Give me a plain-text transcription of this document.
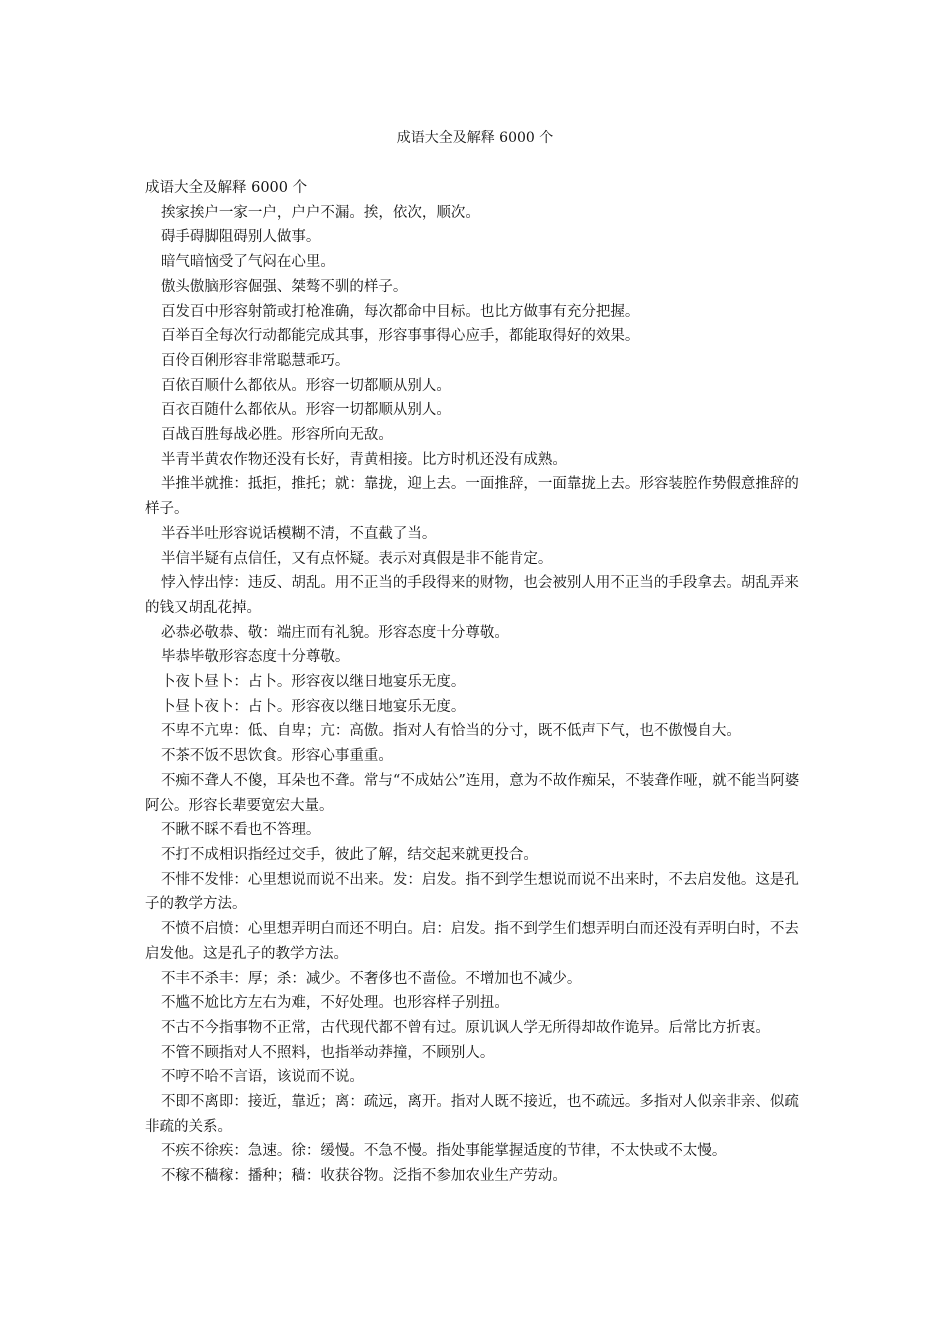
成语大全及解释 6000 个

成语大全及解释 6000 个

挨家挨户一家一户，户户不漏。挨，依次，顺次。

碍手碍脚阻碍别人做事。

暗气暗恼受了气闷在心里。

傲头傲脑形容倔强、桀骜不驯的样子。

百发百中形容射箭或打枪准确，每次都命中目标。也比方做事有充分把握。

百举百全每次行动都能完成其事，形容事事得心应手，都能取得好的效果。

百伶百俐形容非常聪慧乖巧。

百依百顺什么都依从。形容一切都顺从别人。

百衣百随什么都依从。形容一切都顺从别人。

百战百胜每战必胜。形容所向无敌。

半青半黄农作物还没有长好，青黄相接。比方时机还没有成熟。

半推半就推：抵拒，推托；就：靠拢，迎上去。一面推辞，一面靠拢上去。形容装腔作势假意推辞的样子。

半吞半吐形容说话模糊不清，不直截了当。

半信半疑有点信任，又有点怀疑。表示对真假是非不能肯定。

悖入悖出悖：违反、胡乱。用不正当的手段得来的财物，也会被别人用不正当的手段拿去。胡乱弄来的钱又胡乱花掉。

必恭必敬恭、敬：端庄而有礼貌。形容态度十分尊敬。

毕恭毕敬形容态度十分尊敬。

卜夜卜昼卜：占卜。形容夜以继日地宴乐无度。

卜昼卜夜卜：占卜。形容夜以继日地宴乐无度。

不卑不亢卑：低、自卑；亢：高傲。指对人有恰当的分寸，既不低声下气，也不傲慢自大。

不茶不饭不思饮食。形容心事重重。

不痴不聋人不傻，耳朵也不聋。常与“不成姑公”连用，意为不故作痴呆，不装聋作哑，就不能当阿婆阿公。形容长辈要宽宏大量。

不瞅不睬不看也不答理。

不打不成相识指经过交手，彼此了解，结交起来就更投合。

不悱不发悱：心里想说而说不出来。发：启发。指不到学生想说而说不出来时，不去启发他。这是孔子的教学方法。

不愤不启愤：心里想弄明白而还不明白。启：启发。指不到学生们想弄明白而还没有弄明白时，不去启发他。这是孔子的教学方法。

不丰不杀丰：厚；杀：减少。不奢侈也不啬俭。不增加也不减少。

不尴不尬比方左右为难，不好处理。也形容样子别扭。

不古不今指事物不正常，古代现代都不曾有过。原讥讽人学无所得却故作诡异。后常比方折衷。

不管不顾指对人不照料，也指举动莽撞，不顾别人。

不哼不哈不言语，该说而不说。

不即不离即：接近，靠近；离：疏远，离开。指对人既不接近，也不疏远。多指对人似亲非亲、似疏非疏的关系。

不疾不徐疾：急速。徐：缓慢。不急不慢。指处事能掌握适度的节律，不太快或不太慢。

不稼不穑稼：播种；穑：收获谷物。泛指不参加农业生产劳动。
